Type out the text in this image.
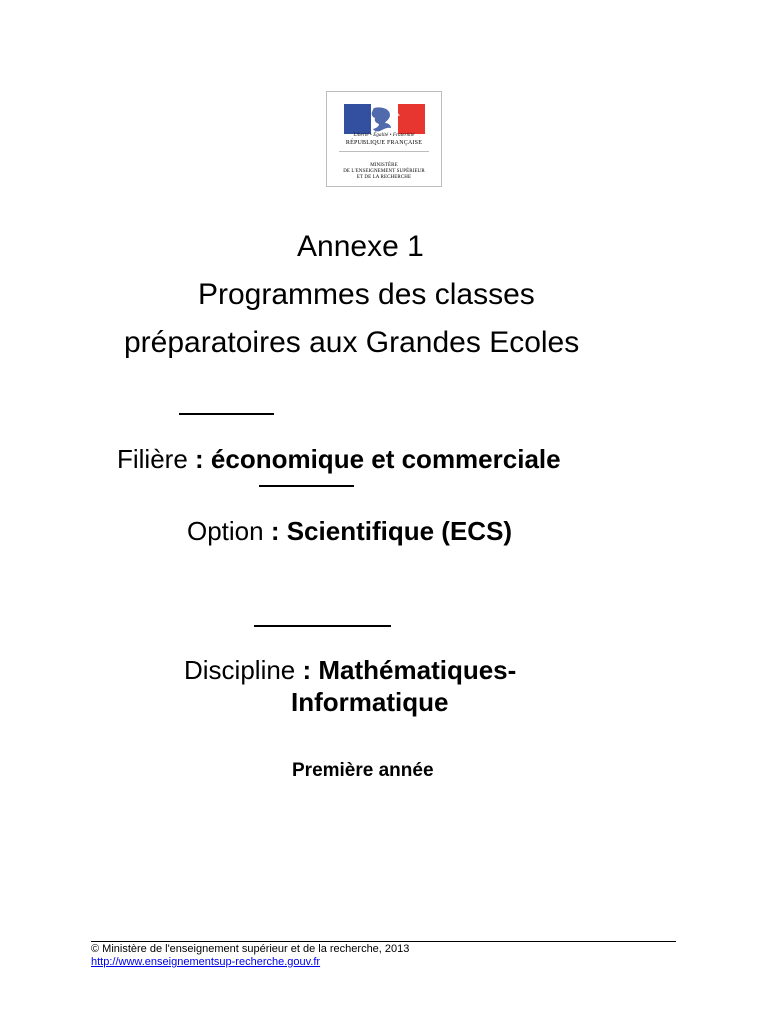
Liberté • Égalité • Fraternité
RÉPUBLIQUE FRANÇAISE
MINISTÈRE
DE L'ENSEIGNEMENT SUPÉRIEUR
ET DE LA RECHERCHE
Annexe 1
Programmes des classes
préparatoires aux Grandes Ecoles
Filière : économique et commerciale
Option : Scientifique (ECS)
Discipline : Mathématiques-
Informatique
Première année
© Ministère de l'enseignement supérieur et de la recherche, 2013
http://www.enseignementsup-recherche.gouv.fr
